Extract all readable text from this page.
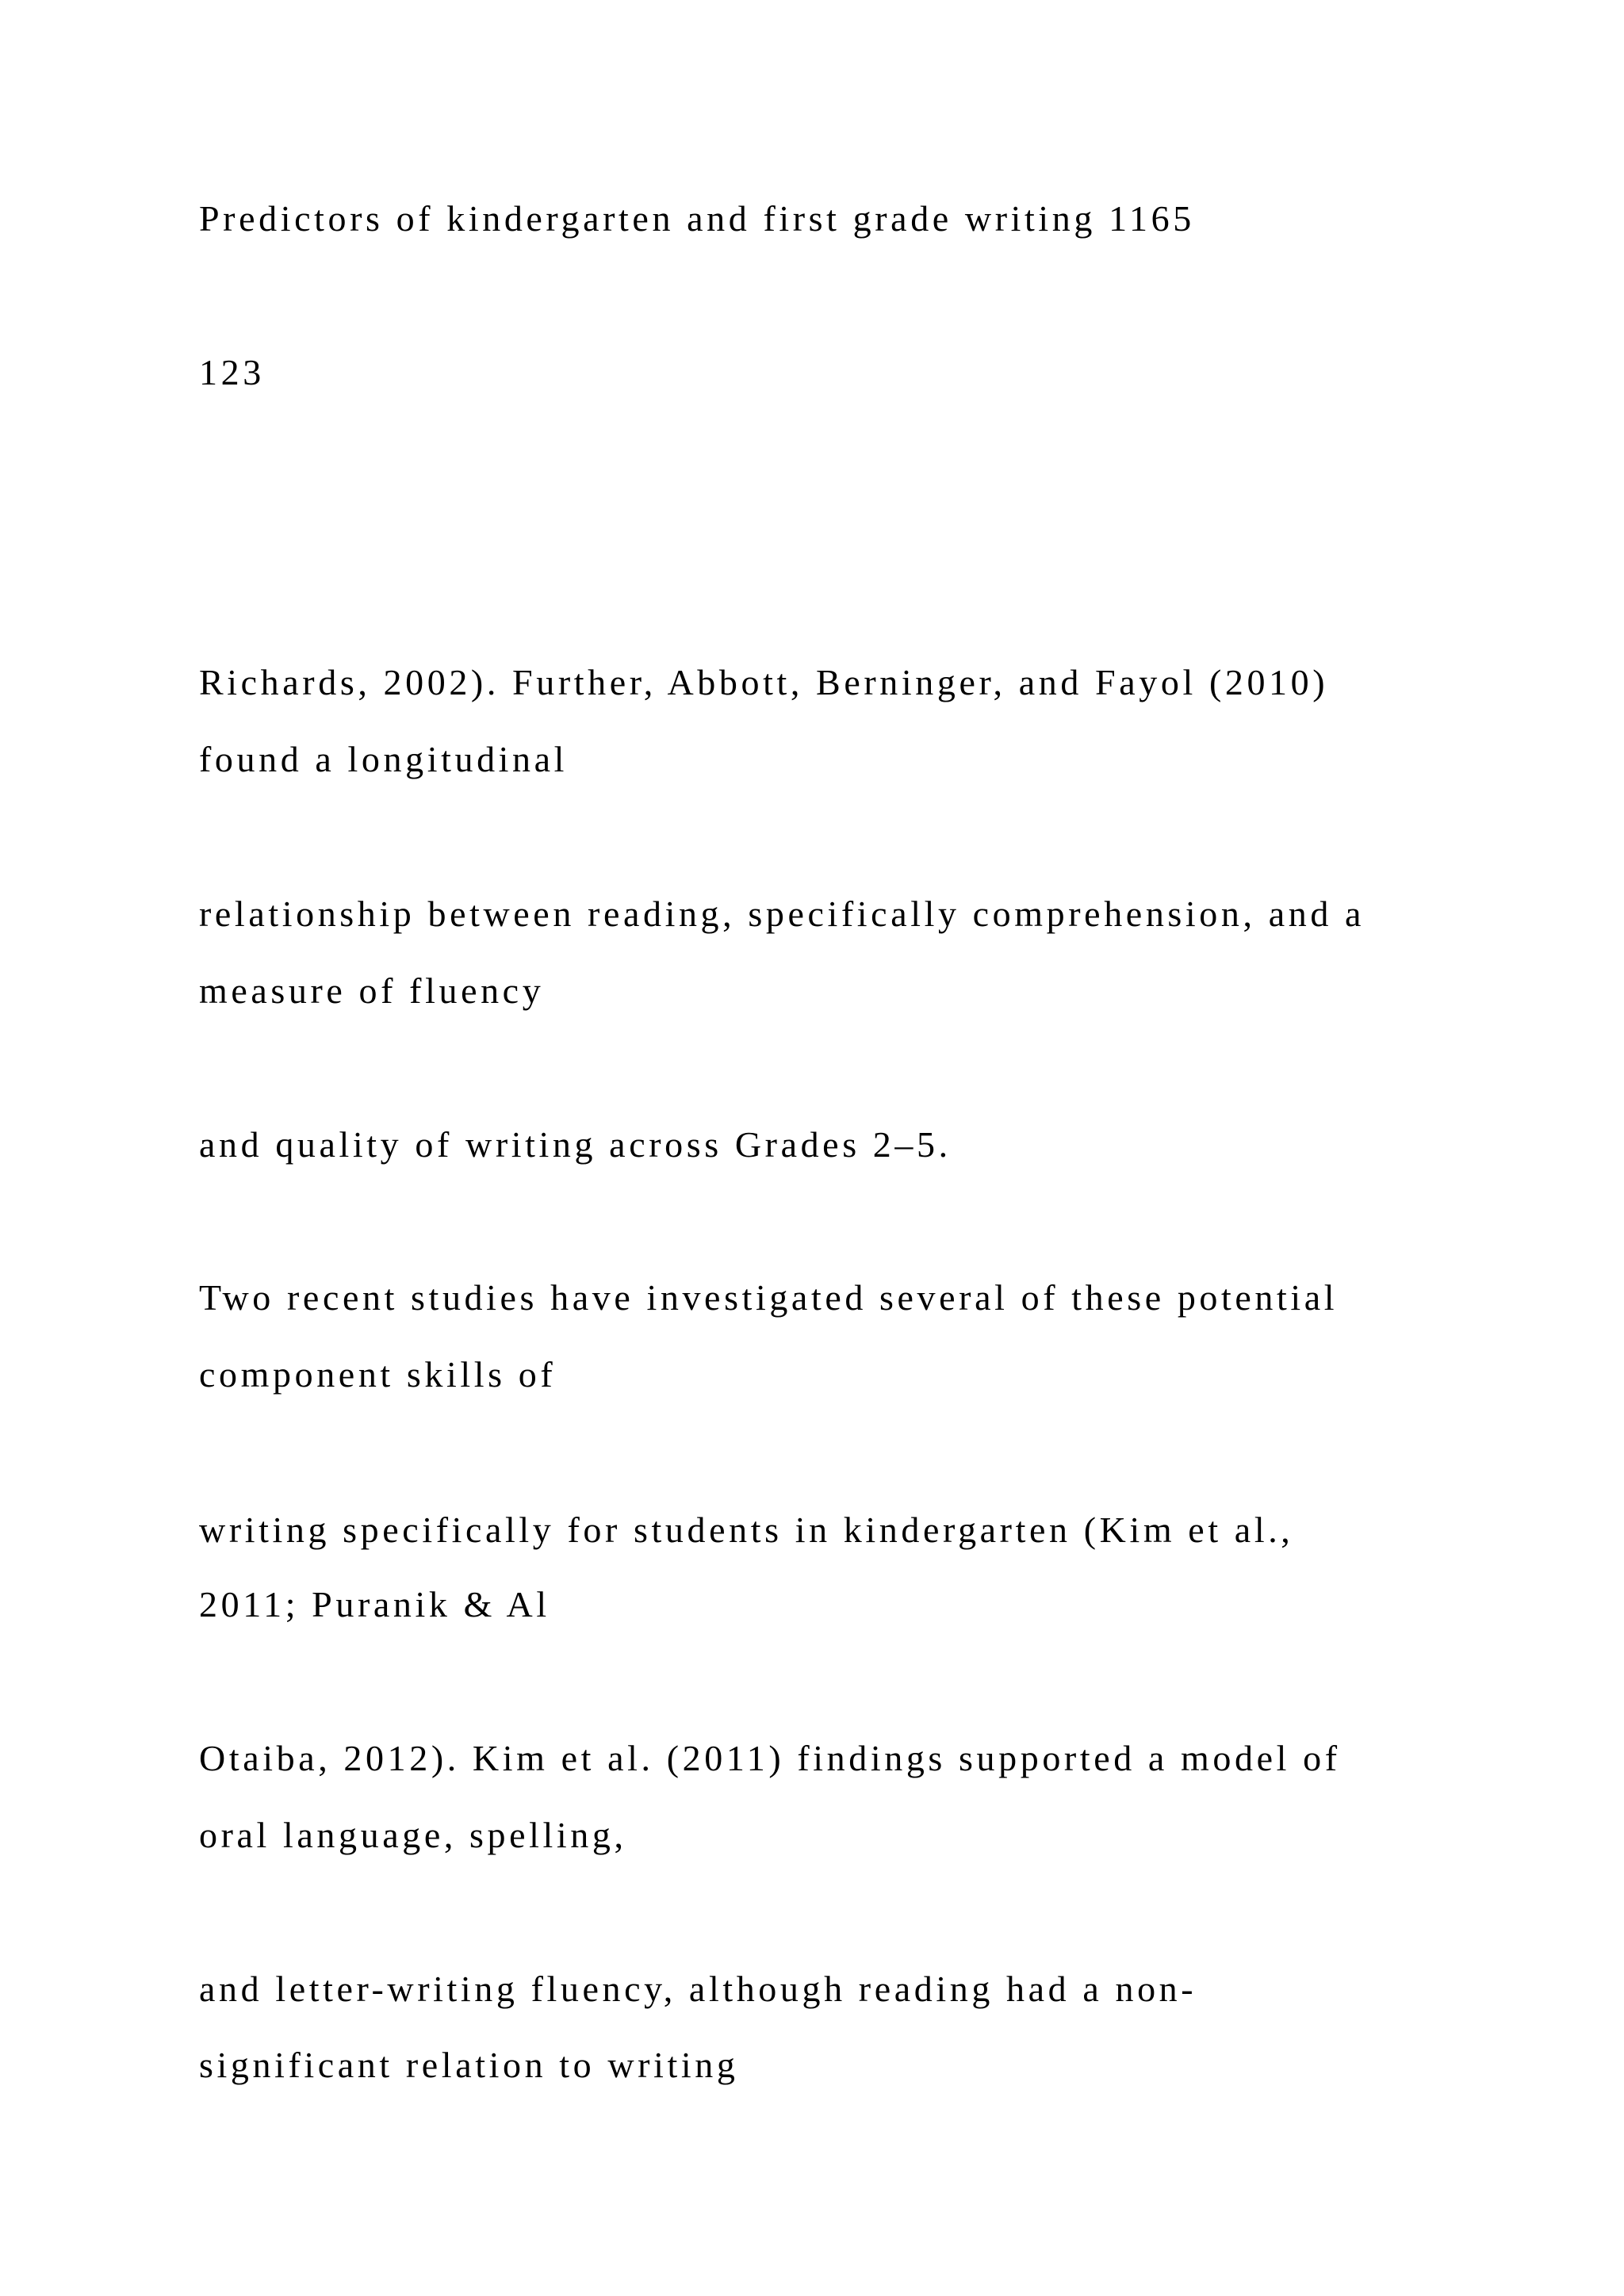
Predictors of kindergarten and first grade writing 1165
123
Richards, 2002). Further, Abbott, Berninger, and Fayol (2010)
found a longitudinal
relationship between reading, specifically comprehension, and a
measure of fluency
and quality of writing across Grades 2–5.
Two recent studies have investigated several of these potential
component skills of
writing specifically for students in kindergarten (Kim et al.,
2011; Puranik & Al
Otaiba, 2012). Kim et al. (2011) findings supported a model of
oral language, spelling,
and letter-writing fluency, although reading had a non-
significant relation to writing
